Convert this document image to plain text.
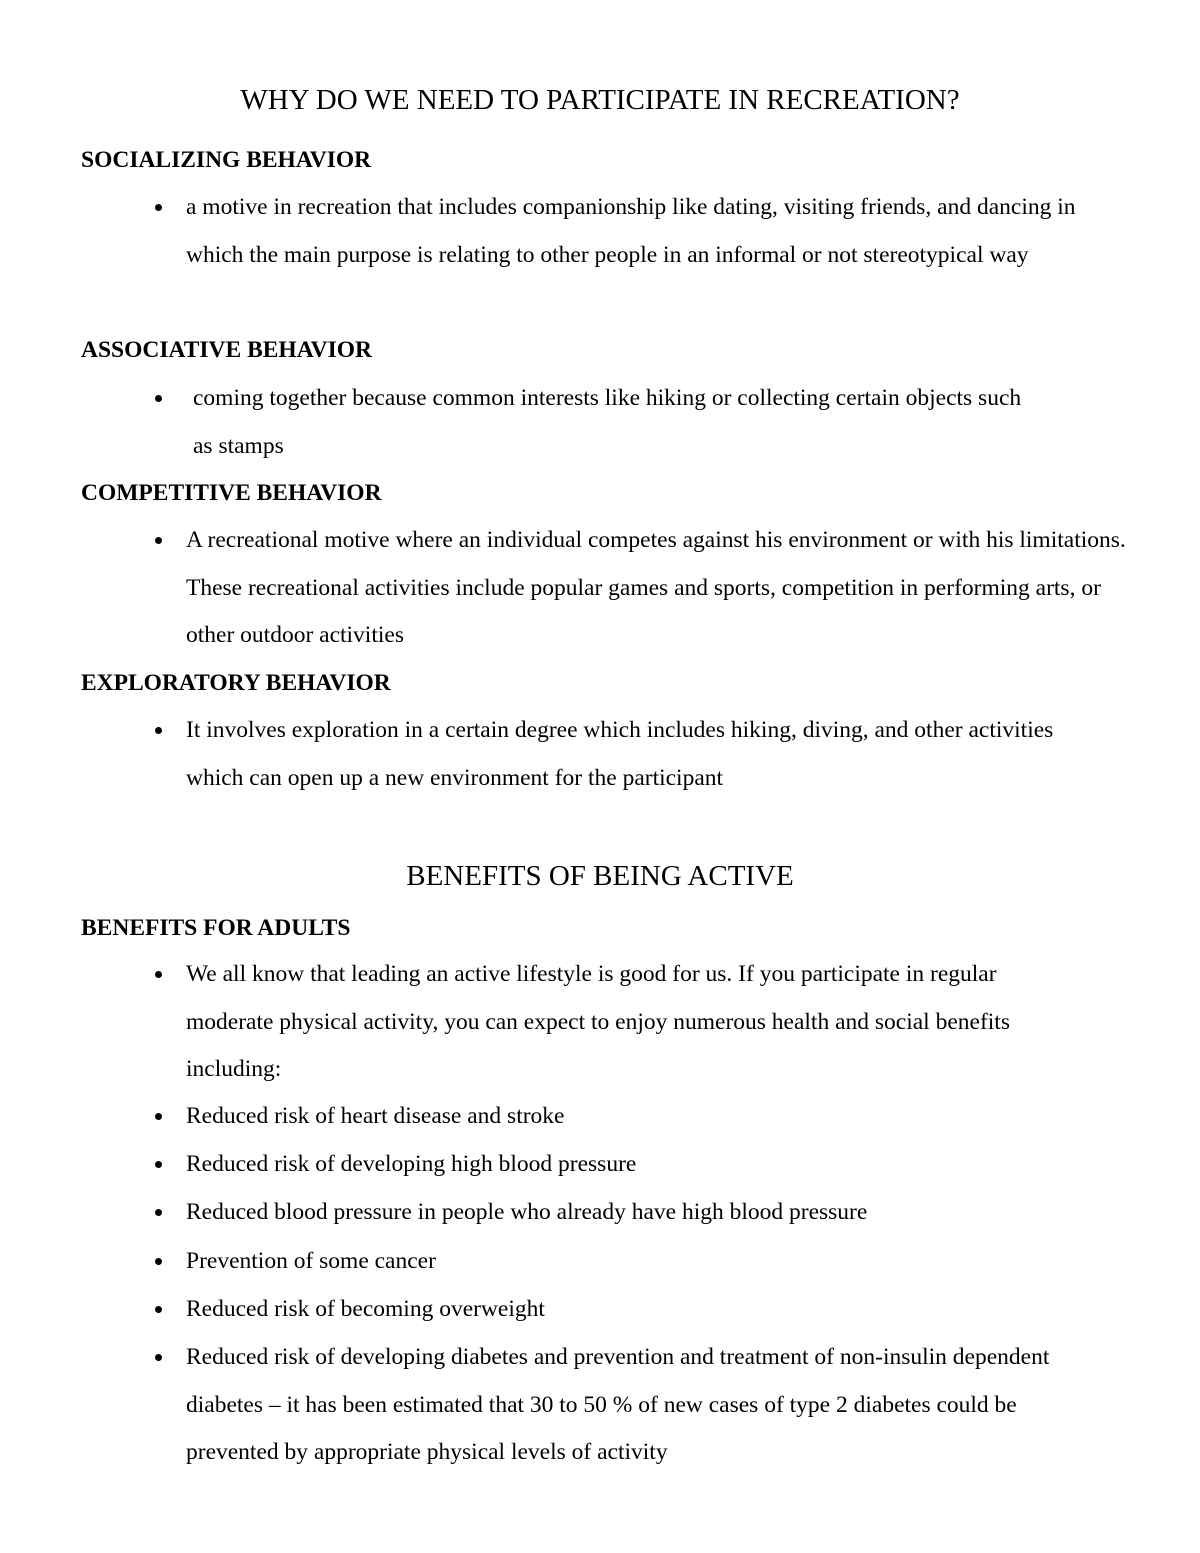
WHY DO WE NEED TO PARTICIPATE IN RECREATION?
SOCIALIZING BEHAVIOR
a motive in recreation that includes companionship like dating, visiting friends, and dancing in which the main purpose is relating to other people in an informal or not stereotypical way
ASSOCIATIVE BEHAVIOR
coming together because common interests like hiking or collecting certain objects such as stamps
COMPETITIVE BEHAVIOR
A recreational motive where an individual competes against his environment or with his limitations. These recreational activities include popular games and sports, competition in performing arts, or other outdoor activities
EXPLORATORY BEHAVIOR
It involves exploration in a certain degree which includes hiking, diving, and other activities which can open up a new environment for the participant
BENEFITS OF BEING ACTIVE
BENEFITS FOR ADULTS
We all know that leading an active lifestyle is good for us. If you participate in regular moderate physical activity, you can expect to enjoy numerous health and social benefits including:
Reduced risk of heart disease and stroke
Reduced risk of developing high blood pressure
Reduced blood pressure in people who already have high blood pressure
Prevention of some cancer
Reduced risk of becoming overweight
Reduced risk of developing diabetes and prevention and treatment of non-insulin dependent diabetes – it has been estimated that 30 to 50 % of new cases of type 2 diabetes could be prevented by appropriate physical levels of activity
